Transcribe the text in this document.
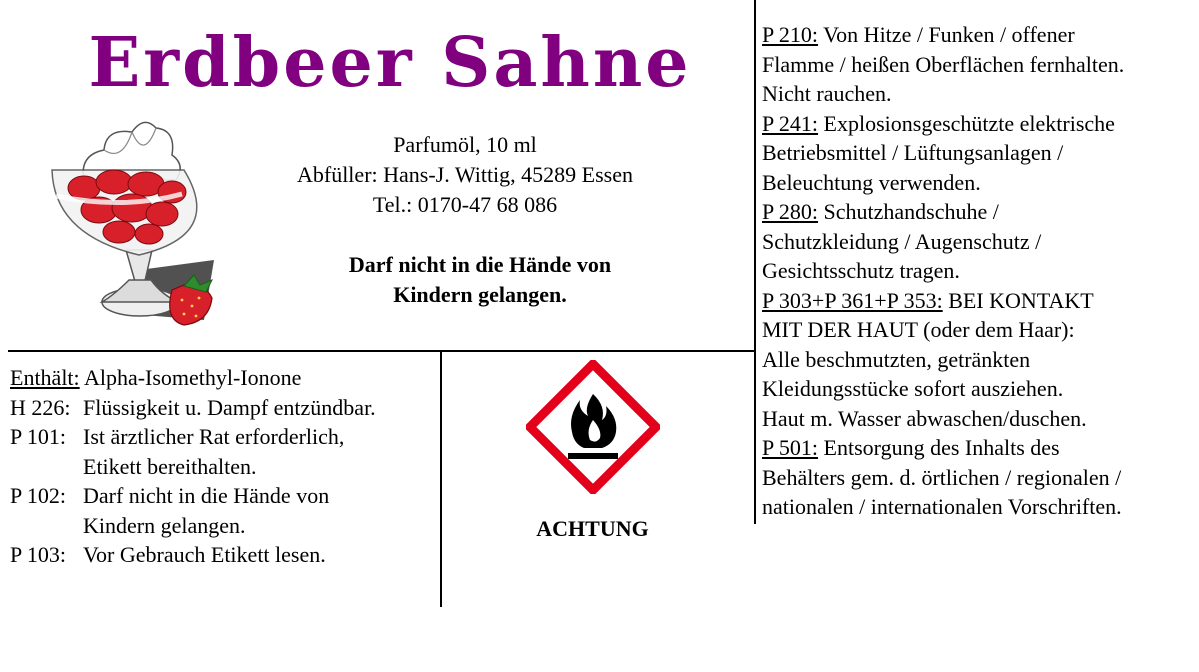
Erdbeer Sahne
Parfumöl, 10 ml
Abfüller: Hans-J. Wittig, 45289 Essen
Tel.: 0170-47 68 086
Darf nicht in die Hände von
Kindern gelangen.
Enthält: Alpha-Isomethyl-Ionone
H 226: Flüssigkeit u. Dampf entzündbar.
P 101: Ist ärztlicher Rat erforderlich,
Etikett bereithalten.
P 102: Darf nicht in die Hände von
Kindern gelangen.
P 103: Vor Gebrauch Etikett lesen.
ACHTUNG
P 210: Von Hitze / Funken / offener
Flamme / heißen Oberflächen fernhalten.
Nicht rauchen.
P 241: Explosionsgeschützte elektrische
Betriebsmittel / Lüftungsanlagen /
Beleuchtung verwenden.
P 280: Schutzhandschuhe /
Schutzkleidung / Augenschutz /
Gesichtsschutz tragen.
P 303+P 361+P 353: BEI KONTAKT
MIT DER HAUT (oder dem Haar):
Alle beschmutzten, getränkten
Kleidungsstücke sofort ausziehen.
Haut m. Wasser abwaschen/duschen.
P 501: Entsorgung des Inhalts des
Behälters gem. d. örtlichen / regionalen /
nationalen / internationalen Vorschriften.
